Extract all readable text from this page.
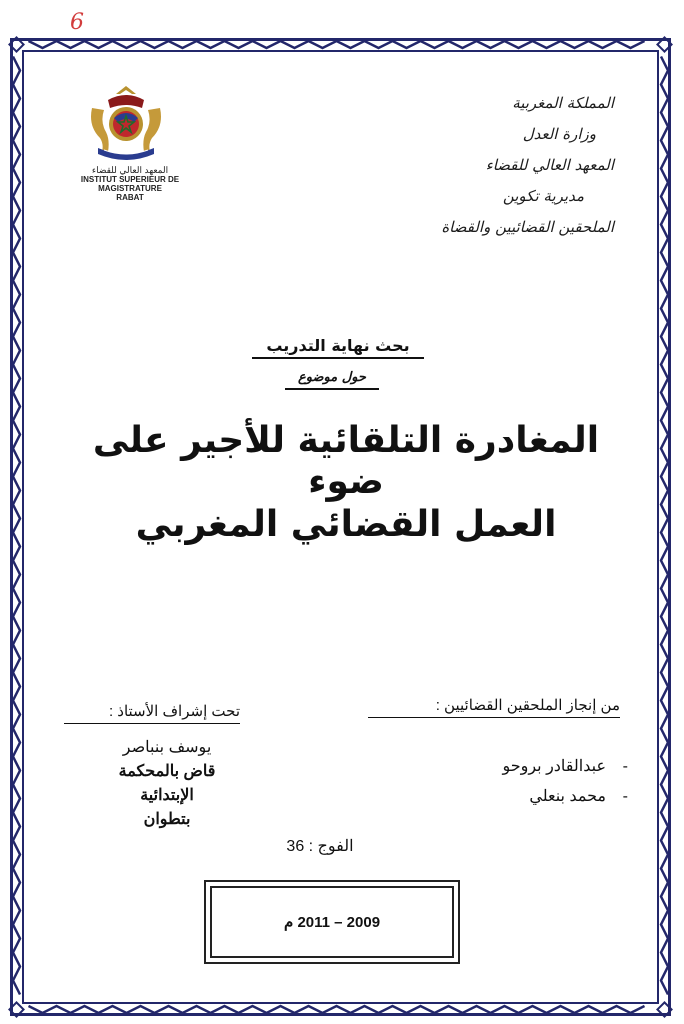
6
المعهد العالي للقضاء
INSTITUT SUPERIEUR DE
MAGISTRATURE
RABAT
المملكة المغربية
وزارة العدل
المعهد العالي للقضاء
مديرية تكوين
الملحقين القضائيين والقضاة
بحث نهاية التدريب
حول موضوع
المغادرة التلقائية للأجير على ضوء
العمل القضائي المغربي
من إنجاز الملحقين القضائيين :
-عبدالقادر بروحو
-محمد بنعلي
تحت إشراف الأستاذ :
يوسف بنباصر
قاض بالمحكمة الإبتدائية
بتطوان
الفوج : 36
2009 – 2011 م
